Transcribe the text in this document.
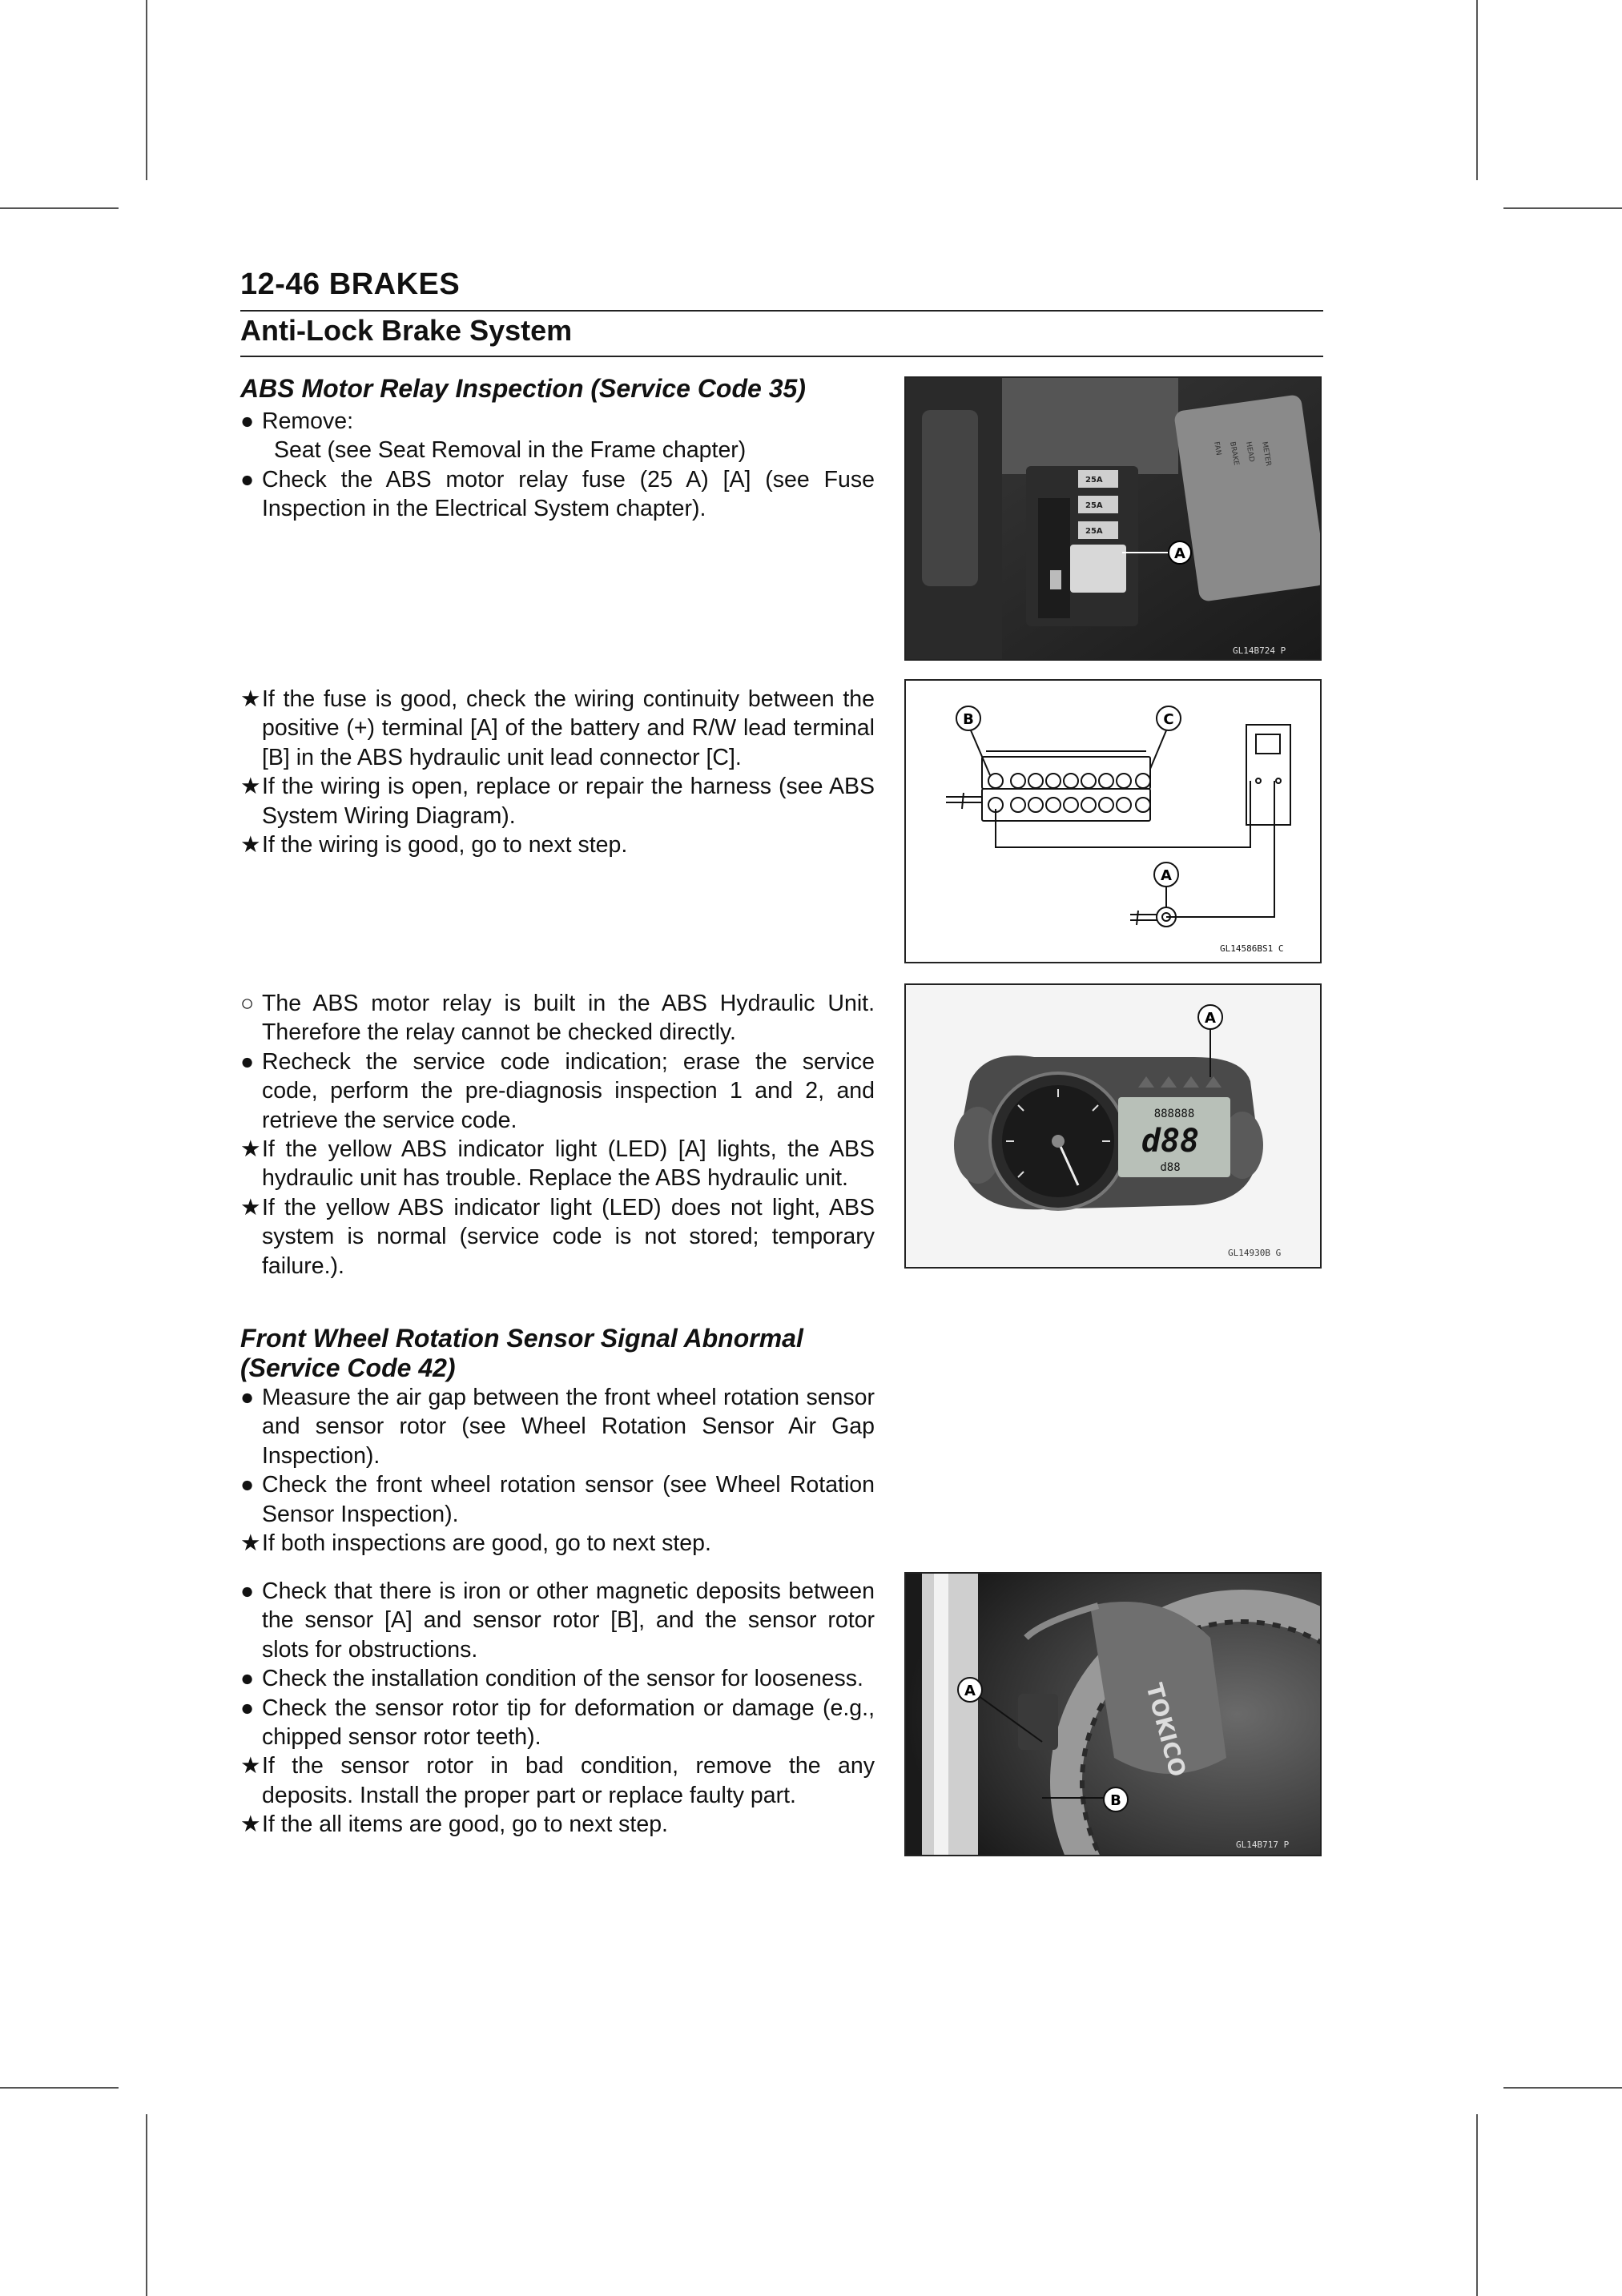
12-46 BRAKES
Anti-Lock Brake System

ABS Motor Relay Inspection (Service Code 35)

● Remove:
Seat (see Seat Removal in the Frame chapter)
● Check the ABS motor relay fuse (25 A) [A] (see Fuse Inspection in the Electrical System chapter).
FAN BRAKE HEAD METER
25A
25A
25A
A
GL14B724 P
★ If the fuse is good, check the wiring continuity between the positive (+) terminal [A] of the battery and R/W lead terminal [B] in the ABS hydraulic unit lead connector [C].
★ If the wiring is open, replace or repair the harness (see ABS System Wiring Diagram).
★ If the wiring is good, go to next step.
B	C
A
GL14586BS1 C
○ The ABS motor relay is built in the ABS Hydraulic Unit. Therefore the relay cannot be checked directly.
● Recheck the service code indication; erase the service code, perform the pre-diagnosis inspection 1 and 2, and retrieve the service code.
★ If the yellow ABS indicator light (LED) [A] lights, the ABS hydraulic unit has trouble. Replace the ABS hydraulic unit.
★ If the yellow ABS indicator light (LED) does not light, ABS system is normal (service code is not stored; temporary failure.).
888888
d88
d88
A
GL14930B G

Front Wheel Rotation Sensor Signal Abnormal

(Service Code 42)

● Measure the air gap between the front wheel rotation sensor and sensor rotor (see Wheel Rotation Sensor Air Gap Inspection).
● Check the front wheel rotation sensor (see Wheel Rotation Sensor Inspection).
★ If both inspections are good, go to next step.
● Check that there is iron or other magnetic deposits between the sensor [A] and sensor rotor [B], and the sensor rotor slots for obstructions.
● Check the installation condition of the sensor for looseness.
● Check the sensor rotor tip for deformation or damage (e.g., chipped sensor rotor teeth).
★ If the sensor rotor in bad condition, remove the any deposits. Install the proper part or replace faulty part.
★ If the all items are good, go to next step.
TOKICO
A
B
GL14B717 P
